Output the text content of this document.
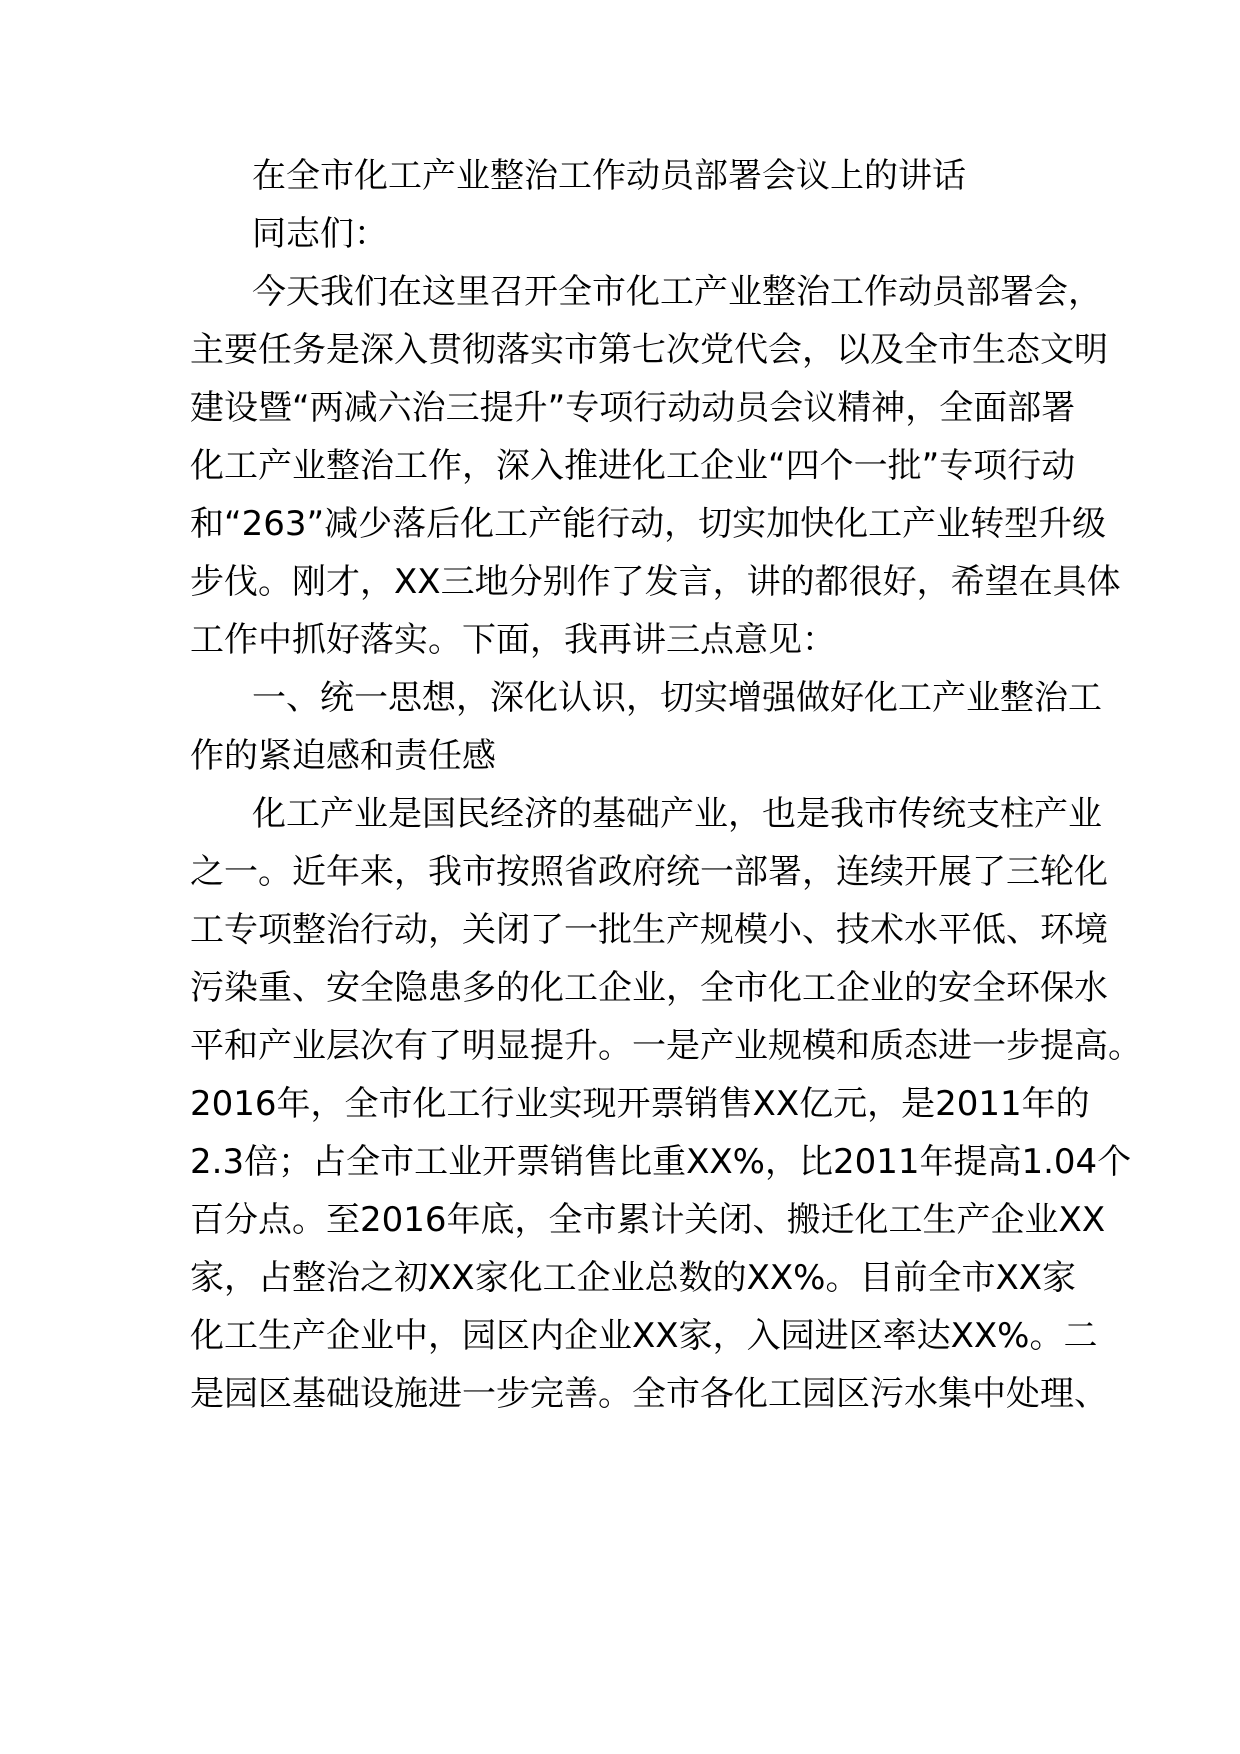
在全市化工产业整治工作动员部署会议上的讲话

同志们：

今天我们在这里召开全市化工产业整治工作动员部署会，

主要任务是深入贯彻落实市第七次党代会，以及全市生态文明

建设暨“两减六治三提升”专项行动动员会议精神，全面部署

化工产业整治工作，深入推进化工企业“四个一批”专项行动

和“263”减少落后化工产能行动，切实加快化工产业转型升级

步伐。刚才，XX三地分别作了发言，讲的都很好，希望在具体

工作中抓好落实。下面，我再讲三点意见：

一、统一思想，深化认识，切实增强做好化工产业整治工

作的紧迫感和责任感

化工产业是国民经济的基础产业，也是我市传统支柱产业

之一。近年来，我市按照省政府统一部署，连续开展了三轮化

工专项整治行动，关闭了一批生产规模小、技术水平低、环境

污染重、安全隐患多的化工企业，全市化工企业的安全环保水

平和产业层次有了明显提升。一是产业规模和质态进一步提高。

2016年，全市化工行业实现开票销售XX亿元，是2011年的

2.3倍；占全市工业开票销售比重XX%，比2011年提高1.04个

百分点。至2016年底，全市累计关闭、搬迁化工生产企业XX

家，占整治之初XX家化工企业总数的XX%。目前全市XX家

化工生产企业中，园区内企业XX家，入园进区率达XX%。二

是园区基础设施进一步完善。全市各化工园区污水集中处理、
